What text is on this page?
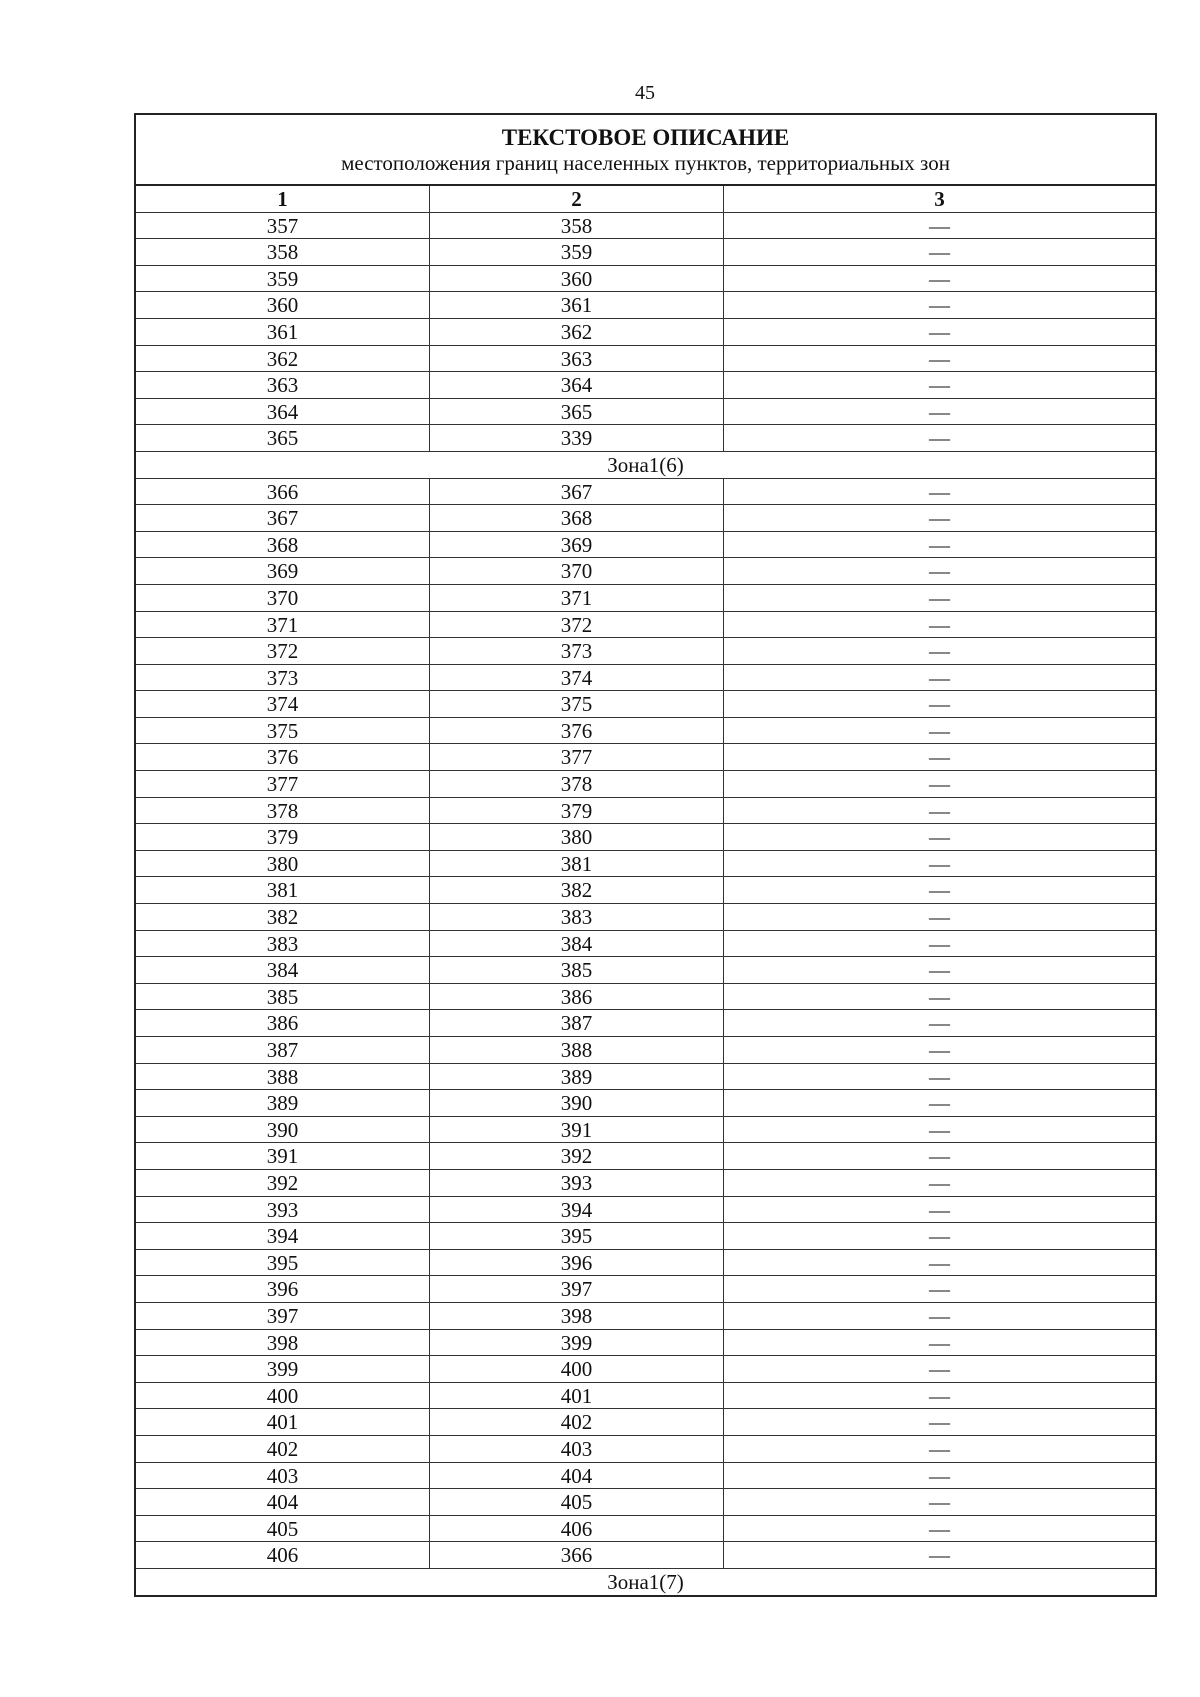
45
ТЕКСТОВОЕ ОПИСАНИЕ
местоположения границ населенных пунктов, территориальных зон
1	2	3
357	358	—
358	359	—
359	360	—
360	361	—
361	362	—
362	363	—
363	364	—
364	365	—
365	339	—
Зона1(6)
366	367	—
367	368	—
368	369	—
369	370	—
370	371	—
371	372	—
372	373	—
373	374	—
374	375	—
375	376	—
376	377	—
377	378	—
378	379	—
379	380	—
380	381	—
381	382	—
382	383	—
383	384	—
384	385	—
385	386	—
386	387	—
387	388	—
388	389	—
389	390	—
390	391	—
391	392	—
392	393	—
393	394	—
394	395	—
395	396	—
396	397	—
397	398	—
398	399	—
399	400	—
400	401	—
401	402	—
402	403	—
403	404	—
404	405	—
405	406	—
406	366	—
Зона1(7)
